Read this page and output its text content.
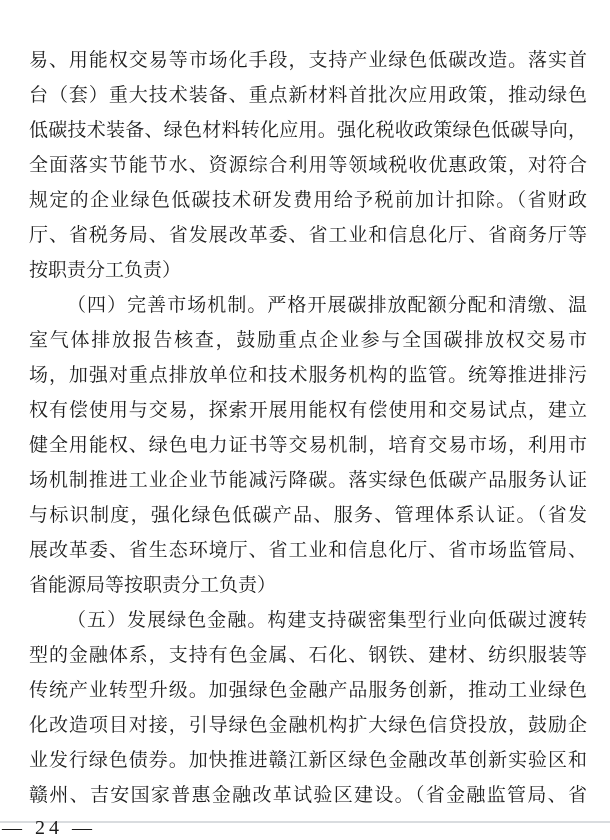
易、用能权交易等市场化手段，支持产业绿色低碳改造。落实首
台（套）重大技术装备、重点新材料首批次应用政策，推动绿色
低碳技术装备、绿色材料转化应用。强化税收政策绿色低碳导向，
全面落实节能节水、资源综合利用等领域税收优惠政策，对符合
规定的企业绿色低碳技术研发费用给予税前加计扣除。（省财政
厅、省税务局、省发展改革委、省工业和信息化厅、省商务厅等
按职责分工负责）
（四）完善市场机制。严格开展碳排放配额分配和清缴、温
室气体排放报告核查，鼓励重点企业参与全国碳排放权交易市
场，加强对重点排放单位和技术服务机构的监管。统筹推进排污
权有偿使用与交易，探索开展用能权有偿使用和交易试点，建立
健全用能权、绿色电力证书等交易机制，培育交易市场，利用市
场机制推进工业企业节能减污降碳。落实绿色低碳产品服务认证
与标识制度，强化绿色低碳产品、服务、管理体系认证。（省发
展改革委、省生态环境厅、省工业和信息化厅、省市场监管局、
省能源局等按职责分工负责）
（五）发展绿色金融。构建支持碳密集型行业向低碳过渡转
型的金融体系，支持有色金属、石化、钢铁、建材、纺织服装等
传统产业转型升级。加强绿色金融产品服务创新，推动工业绿色
化改造项目对接，引导绿色金融机构扩大绿色信贷投放，鼓励企
业发行绿色债券。加快推进赣江新区绿色金融改革创新实验区和
赣州、吉安国家普惠金融改革试验区建设。（省金融监管局、省
— 24 —
